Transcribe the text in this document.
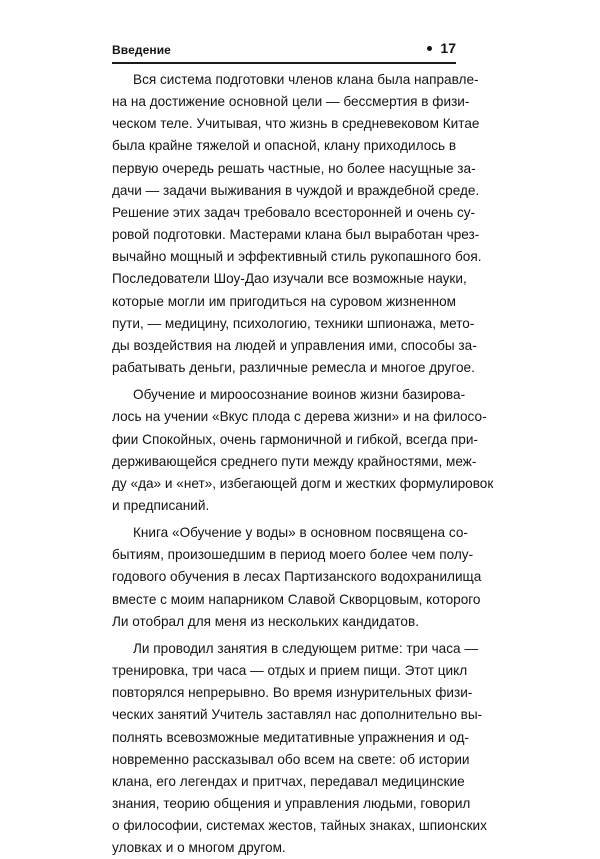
Введение	17
Вся система подготовки членов клана была направле-
на на достижение основной цели — бессмертия в физи-
ческом теле. Учитывая, что жизнь в средневековом Китае
была крайне тяжелой и опасной, клану приходилось в
первую очередь решать частные, но более насущные за-
дачи — задачи выживания в чуждой и враждебной среде.
Решение этих задач требовало всесторонней и очень су-
ровой подготовки. Мастерами клана был выработан чрез-
вычайно мощный и эффективный стиль рукопашного боя.
Последователи Шоу-Дао изучали все возможные науки,
которые могли им пригодиться на суровом жизненном
пути, — медицину, психологию, техники шпионажа, мето-
ды воздействия на людей и управления ими, способы за-
рабатывать деньги, различные ремесла и многое другое.
Обучение и мироосознание воинов жизни базирова-
лось на учении «Вкус плода с дерева жизни» и на филосо-
фии Спокойных, очень гармоничной и гибкой, всегда при-
держивающейся среднего пути между крайностями, меж-
ду «да» и «нет», избегающей догм и жестких формулировок
и предписаний.
Книга «Обучение у воды» в основном посвящена со-
бытиям, произошедшим в период моего более чем полу-
годового обучения в лесах Партизанского водохранилища
вместе с моим напарником Славой Скворцовым, которого
Ли отобрал для меня из нескольких кандидатов.
Ли проводил занятия в следующем ритме: три часа —
тренировка, три часа — отдых и прием пищи. Этот цикл
повторялся непрерывно. Во время изнурительных физи-
ческих занятий Учитель заставлял нас дополнительно вы-
полнять всевозможные медитативные упражнения и од-
новременно рассказывал обо всем на свете: об истории
клана, его легендах и притчах, передавал медицинские
знания, теорию общения и управления людьми, говорил
о философии, системах жестов, тайных знаках, шпионских
уловках и о многом другом.
